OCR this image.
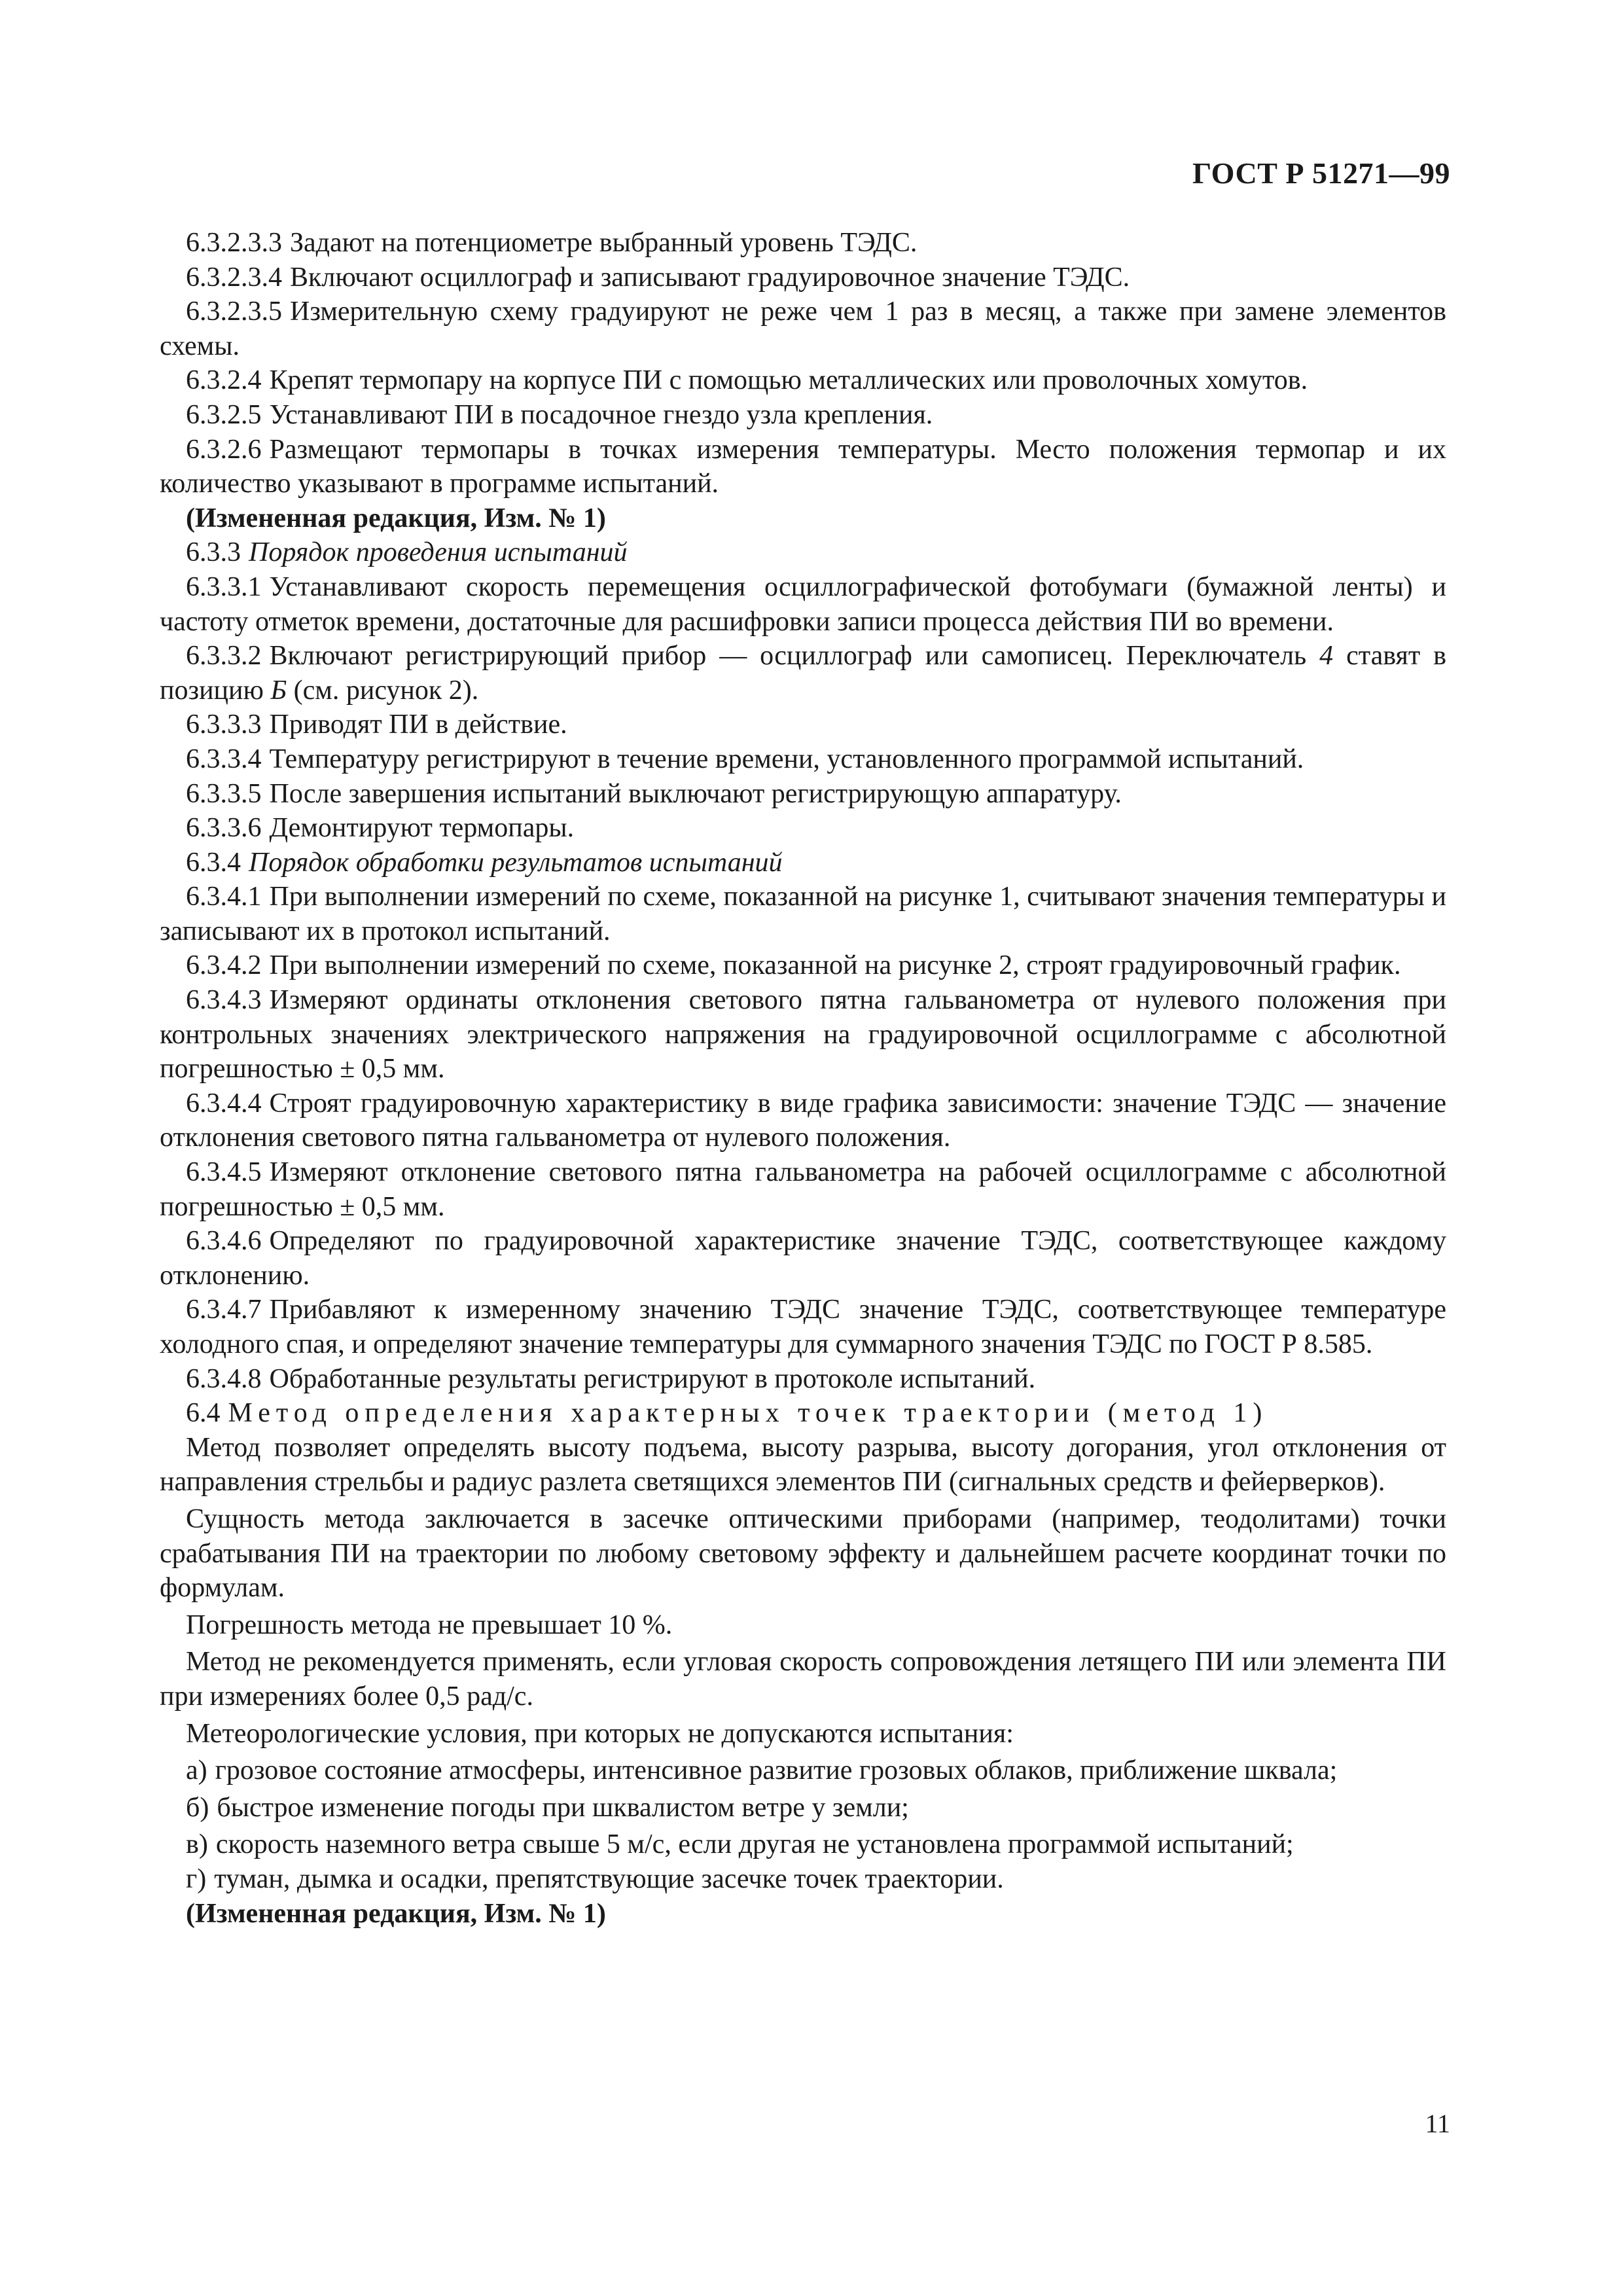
ГОСТ Р 51271—99

6.3.2.3.3 Задают на потенциометре выбранный уровень ТЭДС.

6.3.2.3.4 Включают осциллограф и записывают градуировочное значение ТЭДС.

6.3.2.3.5 Измерительную схему градуируют не реже чем 1 раз в месяц, а также при замене элементов схемы.

6.3.2.4 Крепят термопару на корпусе ПИ с помощью металлических или проволочных хомутов.

6.3.2.5 Устанавливают ПИ в посадочное гнездо узла крепления.

6.3.2.6 Размещают термопары в точках измерения температуры. Место положения термопар и их количество указывают в программе испытаний.

(Измененная редакция, Изм. № 1)

6.3.3 Порядок проведения испытаний

6.3.3.1 Устанавливают скорость перемещения осциллографической фотобумаги (бумажной ленты) и частоту отметок времени, достаточные для расшифровки записи процесса действия ПИ во времени.

6.3.3.2 Включают регистрирующий прибор — осциллограф или самописец. Переключатель 4 ставят в позицию Б (см. рисунок 2).

6.3.3.3 Приводят ПИ в действие.

6.3.3.4 Температуру регистрируют в течение времени, установленного программой испытаний.

6.3.3.5 После завершения испытаний выключают регистрирующую аппаратуру.

6.3.3.6 Демонтируют термопары.

6.3.4 Порядок обработки результатов испытаний

6.3.4.1 При выполнении измерений по схеме, показанной на рисунке 1, считывают значения температуры и записывают их в протокол испытаний.

6.3.4.2 При выполнении измерений по схеме, показанной на рисунке 2, строят градуировочный график.

6.3.4.3 Измеряют ординаты отклонения светового пятна гальванометра от нулевого положения при контрольных значениях электрического напряжения на градуировочной осциллограмме с абсолютной погрешностью ± 0,5 мм.

6.3.4.4 Строят градуировочную характеристику в виде графика зависимости: значение ТЭДС — значение отклонения светового пятна гальванометра от нулевого положения.

6.3.4.5 Измеряют отклонение светового пятна гальванометра на рабочей осциллограмме с абсолютной погрешностью ± 0,5 мм.

6.3.4.6 Определяют по градуировочной характеристике значение ТЭДС, соответствующее каждому отклонению.

6.3.4.7 Прибавляют к измеренному значению ТЭДС значение ТЭДС, соответствующее температуре холодного спая, и определяют значение температуры для суммарного значения ТЭДС по ГОСТ Р 8.585.

6.3.4.8 Обработанные результаты регистрируют в протоколе испытаний.

6.4 Метод определения характерных точек траектории (метод 1)

Метод позволяет определять высоту подъема, высоту разрыва, высоту догорания, угол отклонения от направления стрельбы и радиус разлета светящихся элементов ПИ (сигнальных средств и фейерверков).

Сущность метода заключается в засечке оптическими приборами (например, теодолитами) точки срабатывания ПИ на траектории по любому световому эффекту и дальнейшем расчете координат точки по формулам.

Погрешность метода не превышает 10 %.

Метод не рекомендуется применять, если угловая скорость сопровождения летящего ПИ или элемента ПИ при измерениях более 0,5 рад/с.

Метеорологические условия, при которых не допускаются испытания:

а) грозовое состояние атмосферы, интенсивное развитие грозовых облаков, приближение шквала;

б) быстрое изменение погоды при шквалистом ветре у земли;

в) скорость наземного ветра свыше 5 м/с, если другая не установлена программой испытаний;

г) туман, дымка и осадки, препятствующие засечке точек траектории.

(Измененная редакция, Изм. № 1)

11
